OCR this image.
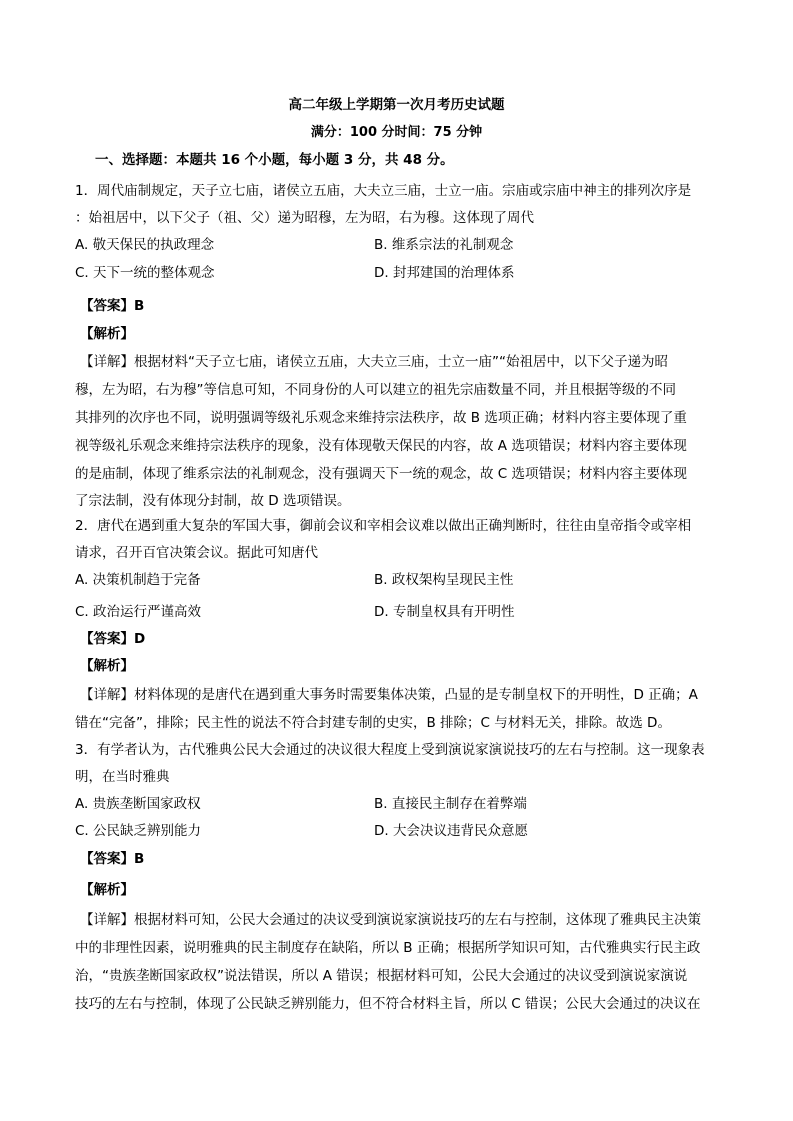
高二年级上学期第一次月考历史试题
满分：100 分时间：75 分钟
一、选择题：本题共 16 个小题，每小题 3 分，共 48 分。
1．周代庙制规定，天子立七庙，诸侯立五庙，大夫立三庙，士立一庙。宗庙或宗庙中神主的排列次序是
：始祖居中，以下父子（祖、父）递为昭穆，左为昭，右为穆。这体现了周代
A. 敬天保民的执政理念	B. 维系宗法的礼制观念
C. 天下一统的整体观念	D. 封邦建国的治理体系
【答案】B
【解析】
【详解】根据材料“天子立七庙，诸侯立五庙，大夫立三庙，士立一庙”“始祖居中，以下父子递为昭
穆，左为昭，右为穆”等信息可知，不同身份的人可以建立的祖先宗庙数量不同，并且根据等级的不同
其排列的次序也不同，说明强调等级礼乐观念来维持宗法秩序，故 B 选项正确；材料内容主要体现了重
视等级礼乐观念来维持宗法秩序的现象，没有体现敬天保民的内容，故 A 选项错误；材料内容主要体现
的是庙制，体现了维系宗法的礼制观念，没有强调天下一统的观念，故 C 选项错误；材料内容主要体现
了宗法制，没有体现分封制，故 D 选项错误。
2．唐代在遇到重大复杂的军国大事，御前会议和宰相会议难以做出正确判断时，往往由皇帝指令或宰相
请求，召开百官决策会议。据此可知唐代
A. 决策机制趋于完备	B. 政权架构呈现民主性
C. 政治运行严谨高效	D. 专制皇权具有开明性
【答案】D
【解析】
【详解】材料体现的是唐代在遇到重大事务时需要集体决策，凸显的是专制皇权下的开明性，D 正确；A
错在“完备”，排除；民主性的说法不符合封建专制的史实，B 排除；C 与材料无关，排除。故选 D。
3．有学者认为，古代雅典公民大会通过的决议很大程度上受到演说家演说技巧的左右与控制。这一现象表
明，在当时雅典
A. 贵族垄断国家政权	B. 直接民主制存在着弊端
C. 公民缺乏辨别能力	D. 大会决议违背民众意愿
【答案】B
【解析】
【详解】根据材料可知，公民大会通过的决议受到演说家演说技巧的左右与控制，这体现了雅典民主决策
中的非理性因素，说明雅典的民主制度存在缺陷，所以 B 正确；根据所学知识可知，古代雅典实行民主政
治，“贵族垄断国家政权”说法错误，所以 A 错误；根据材料可知，公民大会通过的决议受到演说家演说
技巧的左右与控制，体现了公民缺乏辨别能力，但不符合材料主旨，所以 C 错误；公民大会通过的决议在
